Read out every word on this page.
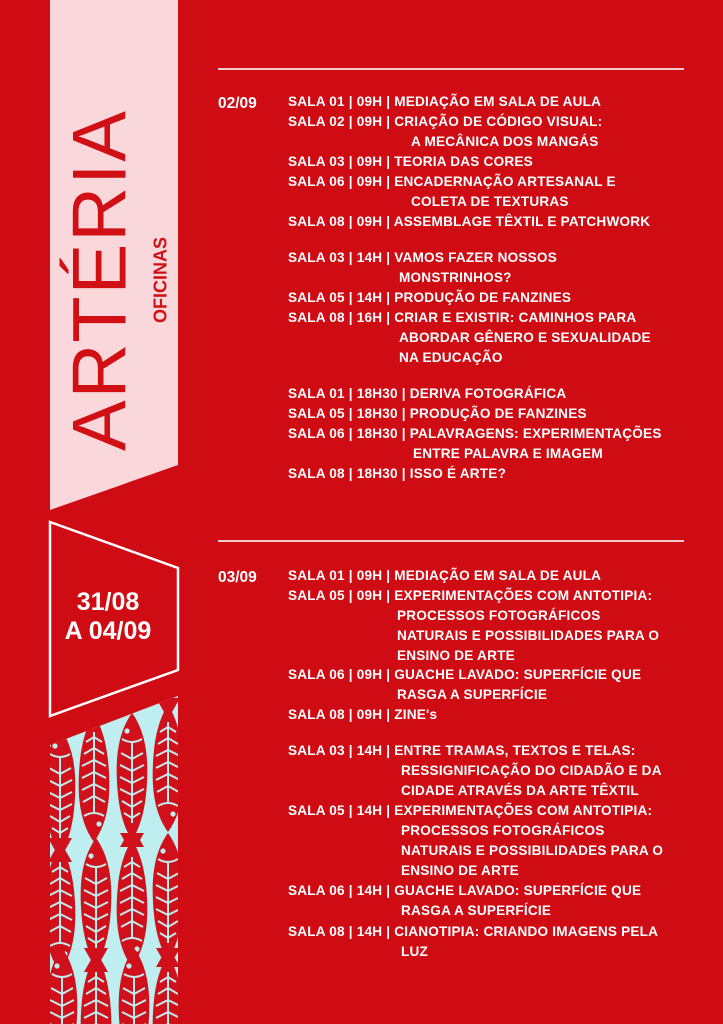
ARTÉRIA OFICINAS
31/08
A 04/09
02/09 SALA 01 | 09H | MEDIAÇÃO EM SALA DE AULA
SALA 02 | 09H | CRIAÇÃO DE CÓDIGO VISUAL:
A MECÂNICA DOS MANGÁS
SALA 03 | 09H | TEORIA DAS CORES
SALA 06 | 09H | ENCADERNAÇÃO ARTESANAL E
COLETA DE TEXTURAS
SALA 08 | 09H | ASSEMBLAGE TÊXTIL E PATCHWORK
SALA 03 | 14H | VAMOS FAZER NOSSOS
MONSTRINHOS?
SALA 05 | 14H | PRODUÇÃO DE FANZINES
SALA 08 | 16H | CRIAR E EXISTIR: CAMINHOS PARA
ABORDAR GÊNERO E SEXUALIDADE
NA EDUCAÇÃO
SALA 01 | 18H30 | DERIVA FOTOGRÁFICA
SALA 05 | 18H30 | PRODUÇÃO DE FANZINES
SALA 06 | 18H30 | PALAVRAGENS: EXPERIMENTAÇÕES
ENTRE PALAVRA E IMAGEM
SALA 08 | 18H30 | ISSO É ARTE?
03/09 SALA 01 | 09H | MEDIAÇÃO EM SALA DE AULA
SALA 05 | 09H | EXPERIMENTAÇÕES COM ANTOTIPIA:
PROCESSOS FOTOGRÁFICOS
NATURAIS E POSSIBILIDADES PARA O
ENSINO DE ARTE
SALA 06 | 09H | GUACHE LAVADO: SUPERFÍCIE QUE
RASGA A SUPERFÍCIE
SALA 08 | 09H | ZINE's
SALA 03 | 14H | ENTRE TRAMAS, TEXTOS E TELAS:
RESSIGNIFICAÇÃO DO CIDADÃO E DA
CIDADE ATRAVÉS DA ARTE TÊXTIL
SALA 05 | 14H | EXPERIMENTAÇÕES COM ANTOTIPIA:
PROCESSOS FOTOGRÁFICOS
NATURAIS E POSSIBILIDADES PARA O
ENSINO DE ARTE
SALA 06 | 14H | GUACHE LAVADO: SUPERFÍCIE QUE
RASGA A SUPERFÍCIE
SALA 08 | 14H | CIANOTIPIA: CRIANDO IMAGENS PELA
LUZ
